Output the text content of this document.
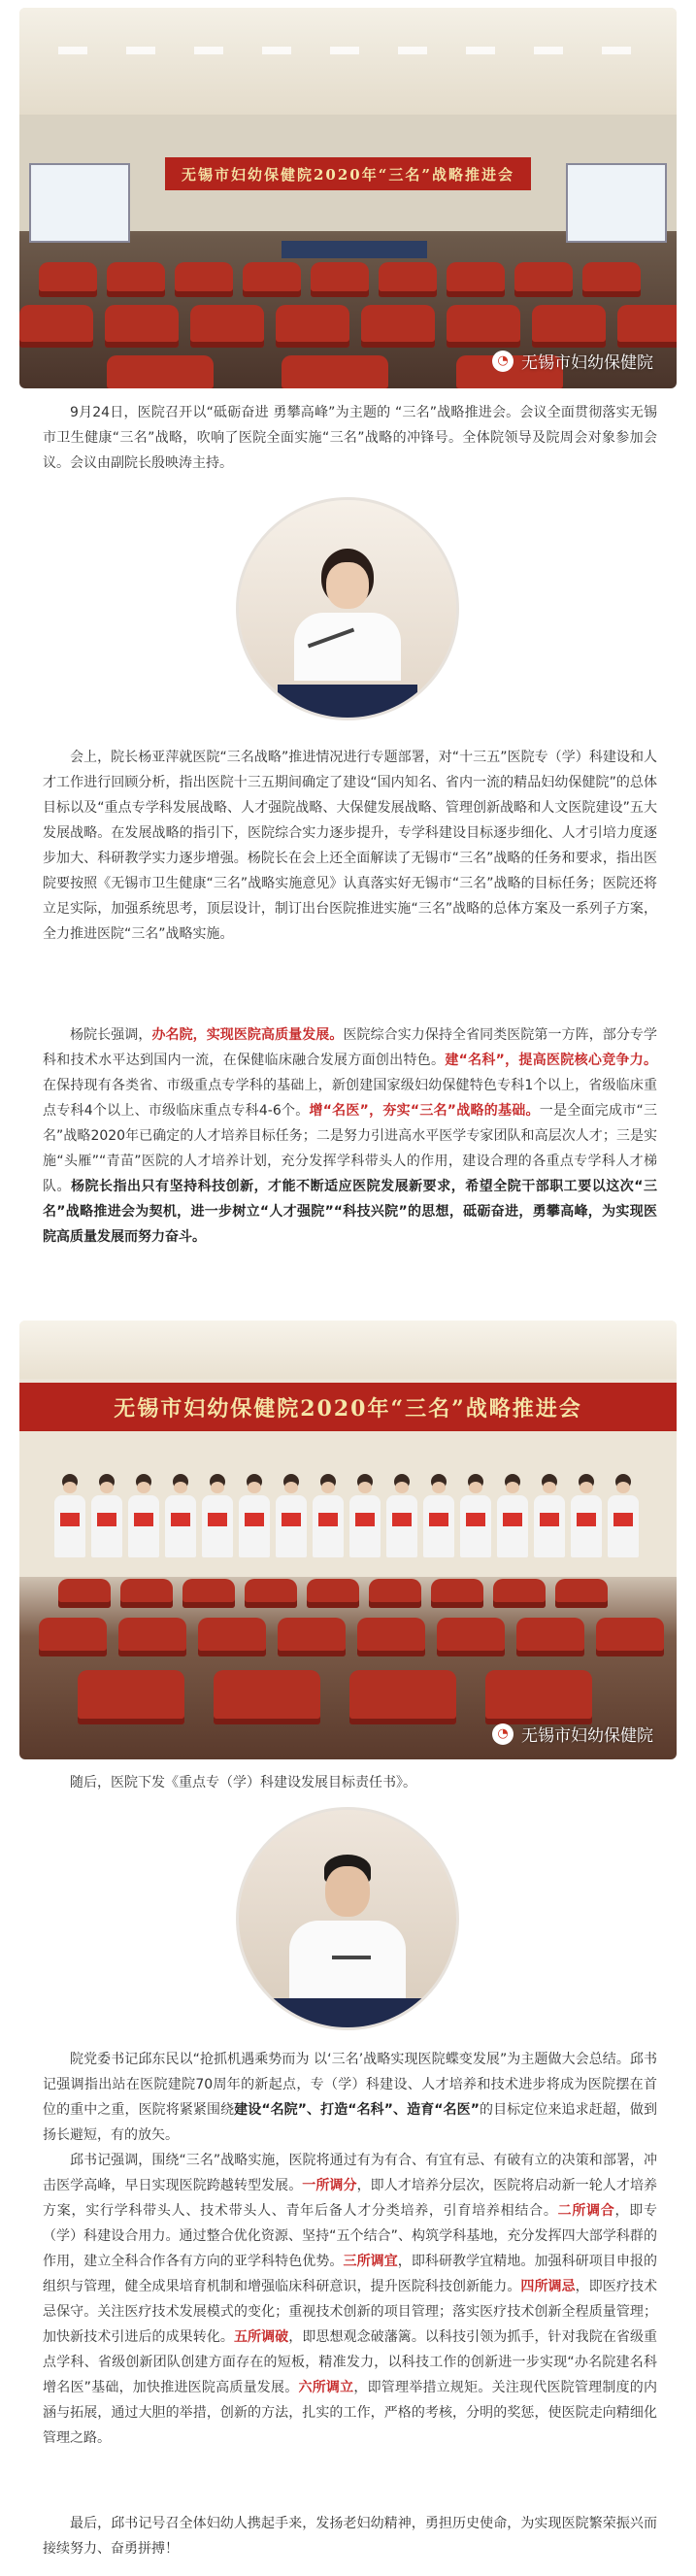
无锡市妇幼保健院2020年“三名”战略推进会
◔ 无锡市妇幼保健院

9月24日，医院召开以“砥砺奋进 勇攀高峰”为主题的 “三名”战略推进会。会议全面贯彻落实无锡市卫生健康“三名”战略，吹响了医院全面实施“三名”战略的冲锋号。全体院领导及院周会对象参加会议。会议由副院长殷映涛主持。

会上，院长杨亚萍就医院“三名战略”推进情况进行专题部署，对“十三五”医院专（学）科建设和人才工作进行回顾分析，指出医院十三五期间确定了建设“国内知名、省内一流的精品妇幼保健院”的总体目标以及“重点专学科发展战略、人才强院战略、大保健发展战略、管理创新战略和人文医院建设”五大发展战略。在发展战略的指引下，医院综合实力逐步提升，专学科建设目标逐步细化、人才引培力度逐步加大、科研教学实力逐步增强。杨院长在会上还全面解读了无锡市“三名”战略的任务和要求，指出医院要按照《无锡市卫生健康“三名”战略实施意见》认真落实好无锡市“三名”战略的目标任务；医院还将立足实际，加强系统思考，顶层设计，制订出台医院推进实施“三名”战略的总体方案及一系列子方案，全力推进医院“三名”战略实施。

杨院长强调，办名院，实现医院高质量发展。医院综合实力保持全省同类医院第一方阵，部分专学科和技术水平达到国内一流，在保健临床融合发展方面创出特色。建“名科”，提高医院核心竞争力。在保持现有各类省、市级重点专学科的基础上，新创建国家级妇幼保健特色专科1个以上，省级临床重点专科4个以上、市级临床重点专科4-6个。增“名医”，夯实“三名”战略的基础。一是全面完成市“三名”战略2020年已确定的人才培养目标任务；二是努力引进高水平医学专家团队和高层次人才；三是实施“头雁”“青苗”医院的人才培养计划，充分发挥学科带头人的作用，建设合理的各重点专学科人才梯队。杨院长指出只有坚持科技创新，才能不断适应医院发展新要求，希望全院干部职工要以这次“三名”战略推进会为契机，进一步树立“人才强院”“科技兴院”的思想，砥砺奋进，勇攀高峰，为实现医院高质量发展而努力奋斗。

无锡市妇幼保健院2020年“三名”战略推进会
◔ 无锡市妇幼保健院

随后，医院下发《重点专（学）科建设发展目标责任书》。

院党委书记邱东民以“抢抓机遇乘势而为 以‘三名’战略实现医院蝶变发展”为主题做大会总结。邱书记强调指出站在医院建院70周年的新起点，专（学）科建设、人才培养和技术进步将成为医院摆在首位的重中之重，医院将紧紧围绕建设“名院”、打造“名科”、造育“名医”的目标定位来追求赶超，做到扬长避短，有的放矢。

邱书记强调，围绕“三名”战略实施，医院将通过有为有合、有宜有忌、有破有立的决策和部署，冲击医学高峰，早日实现医院跨越转型发展。一所调分，即人才培养分层次，医院将启动新一轮人才培养方案，实行学科带头人、技术带头人、青年后备人才分类培养，引育培养相结合。二所调合，即专（学）科建设合用力。通过整合优化资源、坚持“五个结合”、构筑学科基地，充分发挥四大部学科群的作用，建立全科合作各有方向的亚学科特色优势。三所调宜，即科研教学宜精地。加强科研项目申报的组织与管理，健全成果培育机制和增强临床科研意识，提升医院科技创新能力。四所调忌，即医疗技术忌保守。关注医疗技术发展模式的变化；重视技术创新的项目管理；落实医疗技术创新全程质量管理；加快新技术引进后的成果转化。五所调破，即思想观念破藩篱。以科技引领为抓手，针对我院在省级重点学科、省级创新团队创建方面存在的短板，精准发力，以科技工作的创新进一步实现“办名院建名科增名医”基础，加快推进医院高质量发展。六所调立，即管理举措立规矩。关注现代医院管理制度的内涵与拓展，通过大胆的举措，创新的方法，扎实的工作，严格的考核，分明的奖惩，使医院走向精细化管理之路。

最后，邱书记号召全体妇幼人携起手来，发扬老妇幼精神，勇担历史使命，为实现医院繁荣振兴而接续努力、奋勇拼搏！
